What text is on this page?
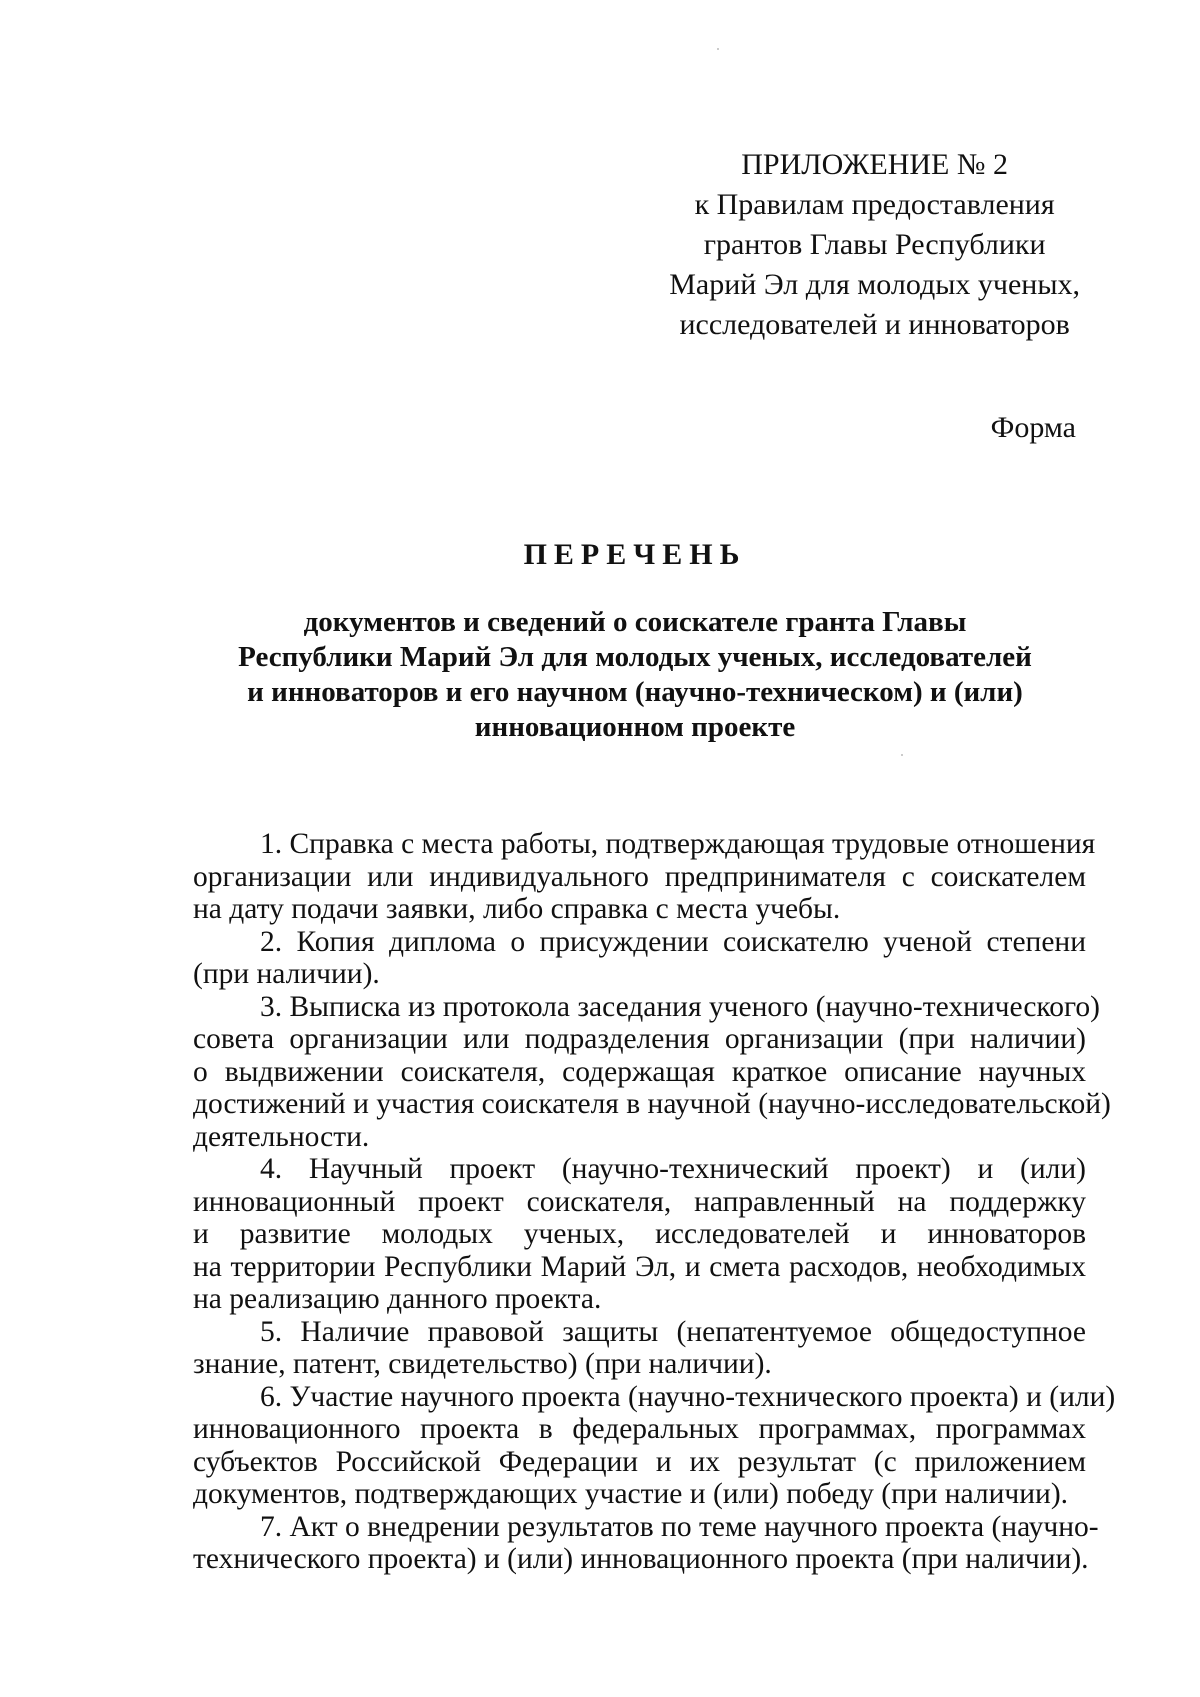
ПРИЛОЖЕНИЕ № 2
к Правилам предоставления
грантов Главы Республики
Марий Эл для молодых ученых,
исследователей и инноваторов
Форма
ПЕРЕЧЕНЬ
документов и сведений о соискателе гранта Главы
Республики Марий Эл для молодых ученых, исследователей
и инноваторов и его научном (научно-техническом) и (или)
инновационном проекте

1. Справка с места работы, подтверждающая трудовые отношения
организации или индивидуального предпринимателя с соискателем
на дату подачи заявки, либо справка с места учебы.

2. Копия диплома о присуждении соискателю ученой степени
(при наличии).

3. Выписка из протокола заседания ученого (научно-технического)
совета организации или подразделения организации (при наличии)
о выдвижении соискателя, содержащая краткое описание научных
достижений и участия соискателя в научной (научно-исследовательской)
деятельности.

4. Научный проект (научно-технический проект) и (или)
инновационный проект соискателя, направленный на поддержку
и развитие молодых ученых, исследователей и инноваторов
на территории Республики Марий Эл, и смета расходов, необходимых
на реализацию данного проекта.

5. Наличие правовой защиты (непатентуемое общедоступное
знание, патент, свидетельство) (при наличии).

6. Участие научного проекта (научно-технического проекта) и (или)
инновационного проекта в федеральных программах, программах
субъектов Российской Федерации и их результат (с приложением
документов, подтверждающих участие и (или) победу (при наличии).

7. Акт о внедрении результатов по теме научного проекта (научно-
технического проекта) и (или) инновационного проекта (при наличии).
